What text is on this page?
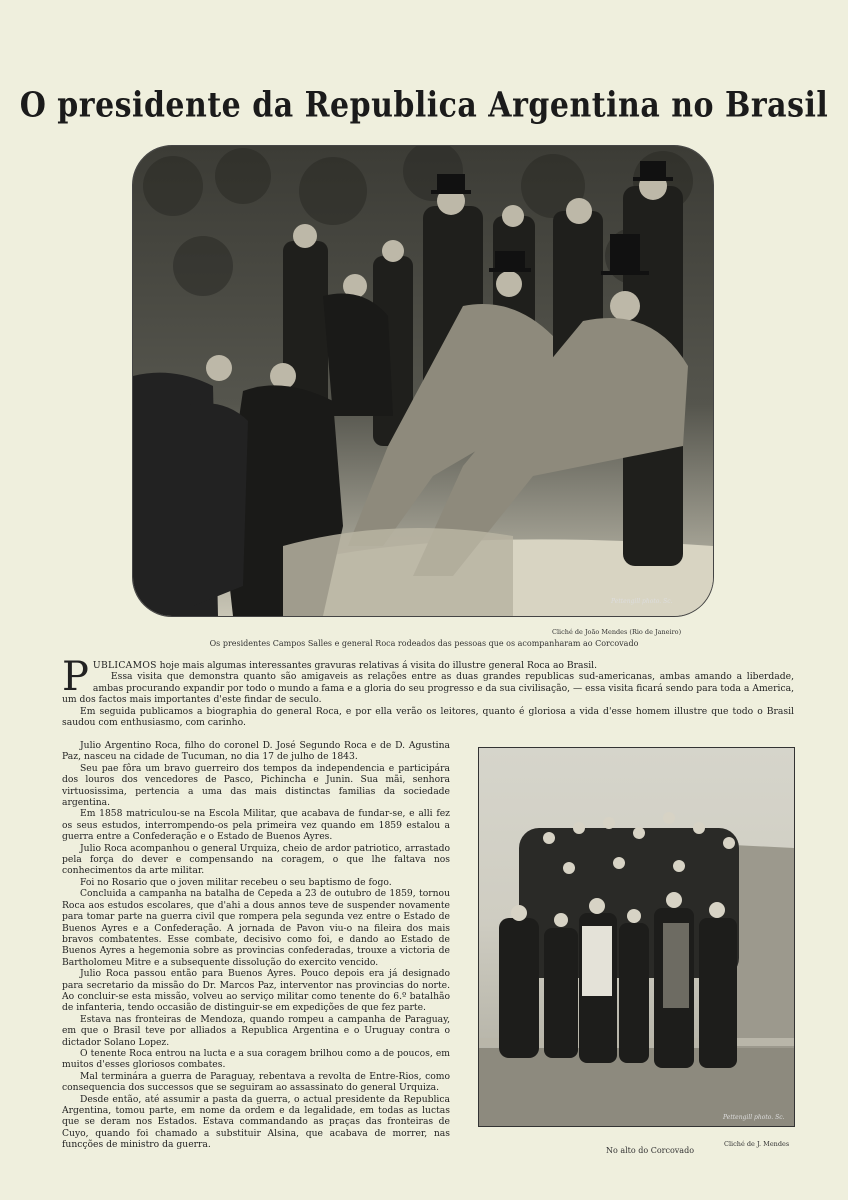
O presidente da Republica Argentina no Brasil
Pettengill photo. Sc.
Cliché de João Mendes (Rio de Janeiro)
Os presidentes Campos Salles e general Roca rodeados das pessoas que os acompanharam ao Corcovado

PUBLICAMOS hoje mais algumas interessantes gravuras relativas á visita do illustre general Roca ao Brasil.

Essa visita que demonstra quanto são amigaveis as relações entre as duas grandes republicas sud-americanas, ambas amando a liberdade, ambas procurando expandir por todo o mundo a fama e a gloria do seu progresso e da sua civilisação, — essa visita ficará sendo para toda a America, um dos factos mais importantes d'este findar de seculo.

Em seguida publicamos a biographia do general Roca, e por ella verão os leitores, quanto é gloriosa a vida d'esse homem illustre que todo o Brasil saudou com enthusiasmo, com carinho.

Julio Argentino Roca, filho do coronel D. José Segundo Roca e de D. Agustina Paz, nasceu na cidade de Tucuman, no dia 17 de julho de 1843.

Seu pae fôra um bravo guerreiro dos tempos da independencia e participára dos louros dos vencedores de Pasco, Pichincha e Junin. Sua mãi, senhora virtuosissima, pertencia a uma das mais distinctas familias da sociedade argentina.

Em 1858 matriculou-se na Escola Militar, que acabava de fundar-se, e alli fez os seus estudos, interrompendo-os pela primeira vez quando em 1859 estalou a guerra entre a Confederação e o Estado de Buenos Ayres.

Julio Roca acompanhou o general Urquiza, cheio de ardor patriotico, arrastado pela força do dever e compensando na coragem, o que lhe faltava nos conhecimentos da arte militar.

Foi no Rosario que o joven militar recebeu o seu baptismo de fogo.

Concluida a campanha na batalha de Cepeda a 23 de outubro de 1859, tornou Roca aos estudos escolares, que d'ahi a dous annos teve de suspender novamente para tomar parte na guerra civil que rompera pela segunda vez entre o Estado de Buenos Ayres e a Confederação. A jornada de Pavon viu-o na fileira dos mais bravos combatentes. Esse combate, decisivo como foi, e dando ao Estado de Buenos Ayres a hegemonia sobre as provincias confederadas, trouxe a victoria de Bartholomeu Mitre e a subsequente dissolução do exercito vencido.

Julio Roca passou então para Buenos Ayres. Pouco depois era já designado para secretario da missão do Dr. Marcos Paz, interventor nas provincias do norte. Ao concluir-se esta missão, volveu ao serviço militar como tenente do 6.º batalhão de infanteria, tendo occasião de distinguir-se em expedições de que fez parte.

Estava nas fronteiras de Mendoza, quando rompeu a campanha de Paraguay, em que o Brasil teve por alliados a Republica Argentina e o Uruguay contra o dictador Solano Lopez.

O tenente Roca entrou na lucta e a sua coragem brilhou como a de poucos, em muitos d'esses gloriosos combates.

Mal terminára a guerra de Paraguay, rebentava a revolta de Entre-Rios, como consequencia dos successos que se seguiram ao assassinato do general Urquiza.

Desde então, até assumir a pasta da guerra, o actual presidente da Republica Argentina, tomou parte, em nome da ordem e da legalidade, em todas as luctas que se deram nos Estados. Estava commandando as praças das fronteiras de Cuyo, quando foi chamado a substituir Alsina, que acabava de morrer, nas funcções de ministro da guerra.

Pettengill photo. Sc.
Cliché de J. Mendes
No alto do Corcovado
